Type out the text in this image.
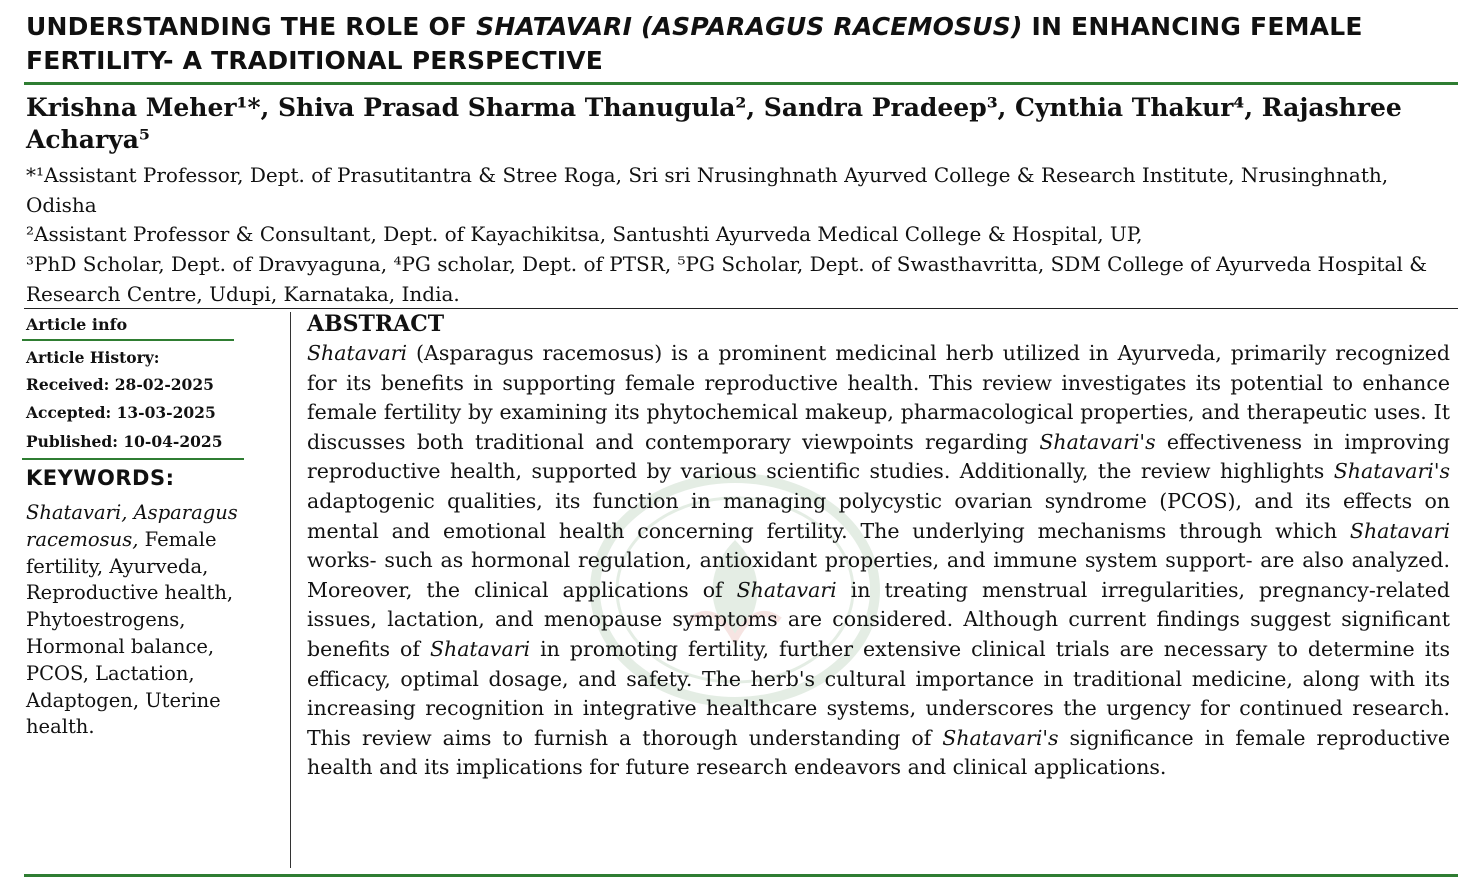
UNDERSTANDING THE ROLE OF SHATAVARI (ASPARAGUS RACEMOSUS) IN ENHANCING FEMALE FERTILITY- A TRADITIONAL PERSPECTIVE

Krishna Meher¹*, Shiva Prasad Sharma Thanugula², Sandra Pradeep³, Cynthia Thakur⁴, Rajashree Acharya⁵

*¹Assistant Professor, Dept. of Prasutitantra & Stree Roga, Sri sri Nrusinghnath Ayurved College & Research Institute, Nrusinghnath, Odisha

²Assistant Professor & Consultant, Dept. of Kayachikitsa, Santushti Ayurveda Medical College & Hospital, UP,

³PhD Scholar, Dept. of Dravyaguna, ⁴PG scholar, Dept. of PTSR, ⁵PG Scholar, Dept. of Swasthavritta, SDM College of Ayurveda Hospital & Research Centre, Udupi, Karnataka, India.

Article info
Article History:
Received: 28-02-2025
Accepted: 13-03-2025
Published: 10-04-2025
KEYWORDS:
Shatavari, Asparagus racemosus, Female fertility, Ayurveda, Reproductive health, Phytoestrogens, Hormonal balance, PCOS, Lactation, Adaptogen, Uterine health.
ABSTRACT

Shatavari (Asparagus racemosus) is a prominent medicinal herb utilized in Ayurveda, primarily recognized for its benefits in supporting female reproductive health. This review investigates its potential to enhance female fertility by examining its phytochemical makeup, pharmacological properties, and therapeutic uses. It discusses both traditional and contemporary viewpoints regarding Shatavari's effectiveness in improving reproductive health, supported by various scientific studies. Additionally, the review highlights Shatavari's adaptogenic qualities, its function in managing polycystic ovarian syndrome (PCOS), and its effects on mental and emotional health concerning fertility. The underlying mechanisms through which Shatavari works- such as hormonal regulation, antioxidant properties, and immune system support- are also analyzed. Moreover, the clinical applications of Shatavari in treating menstrual irregularities, pregnancy-related issues, lactation, and menopause symptoms are considered. Although current findings suggest significant benefits of Shatavari in promoting fertility, further extensive clinical trials are necessary to determine its efficacy, optimal dosage, and safety. The herb's cultural importance in traditional medicine, along with its increasing recognition in integrative healthcare systems, underscores the urgency for continued research. This review aims to furnish a thorough understanding of Shatavari's significance in female reproductive health and its implications for future research endeavors and clinical applications.
